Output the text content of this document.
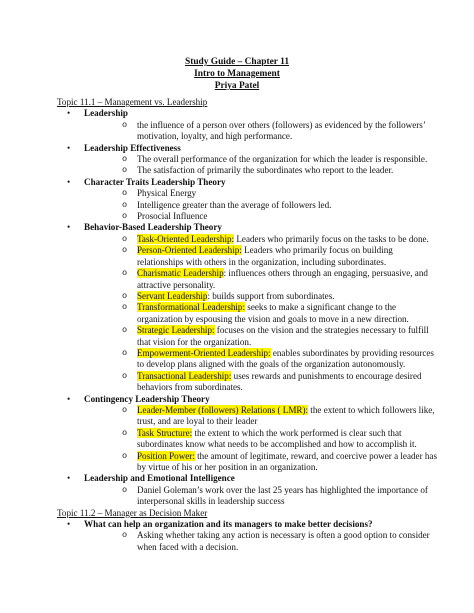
Study Guide – Chapter 11
Intro to Management
Priya Patel
Topic 11.1 – Management vs. Leadership
• Leadership
o the influence of a person over others (followers) as evidenced by the followers’ motivation, loyalty, and high performance.
• Leadership Effectiveness
o The overall performance of the organization for which the leader is responsible.
o The satisfaction of primarily the subordinates who report to the leader.
• Character Traits Leadership Theory
o Physical Energy
o Intelligence greater than the average of followers led.
o Prosocial Influence
• Behavior-Based Leadership Theory
o Task-Oriented Leadership: Leaders who primarily focus on the tasks to be done.
o Person-Oriented Leadership: Leaders who primarily focus on building relationships with others in the organization, including subordinates.
o Charismatic Leadership: influences others through an engaging, persuasive, and attractive personality.
o Servant Leadership: builds support from subordinates.
o Transformational Leadership: seeks to make a significant change to the organization by espousing the vision and goals to move in a new direction.
o Strategic Leadership: focuses on the vision and the strategies necessary to fulfill that vision for the organization.
o Empowerment-Oriented Leadership: enables subordinates by providing resources to develop plans aligned with the goals of the organization autonomously.
o Transactional Leadership: uses rewards and punishments to encourage desired behaviors from subordinates.
• Contingency Leadership Theory
o Leader-Member (followers) Relations ( LMR): the extent to which followers like, trust, and are loyal to their leader
o Task Structure: the extent to which the work performed is clear such that subordinates know what needs to be accomplished and how to accomplish it.
o Position Power: the amount of legitimate, reward, and coercive power a leader has by virtue of his or her position in an organization.
• Leadership and Emotional Intelligence
o Daniel Goleman’s work over the last 25 years has highlighted the importance of interpersonal skills in leadership success
Topic 11.2 – Manager as Decision Maker
• What can help an organization and its managers to make better decisions?
o Asking whether taking any action is necessary is often a good option to consider when faced with a decision.
